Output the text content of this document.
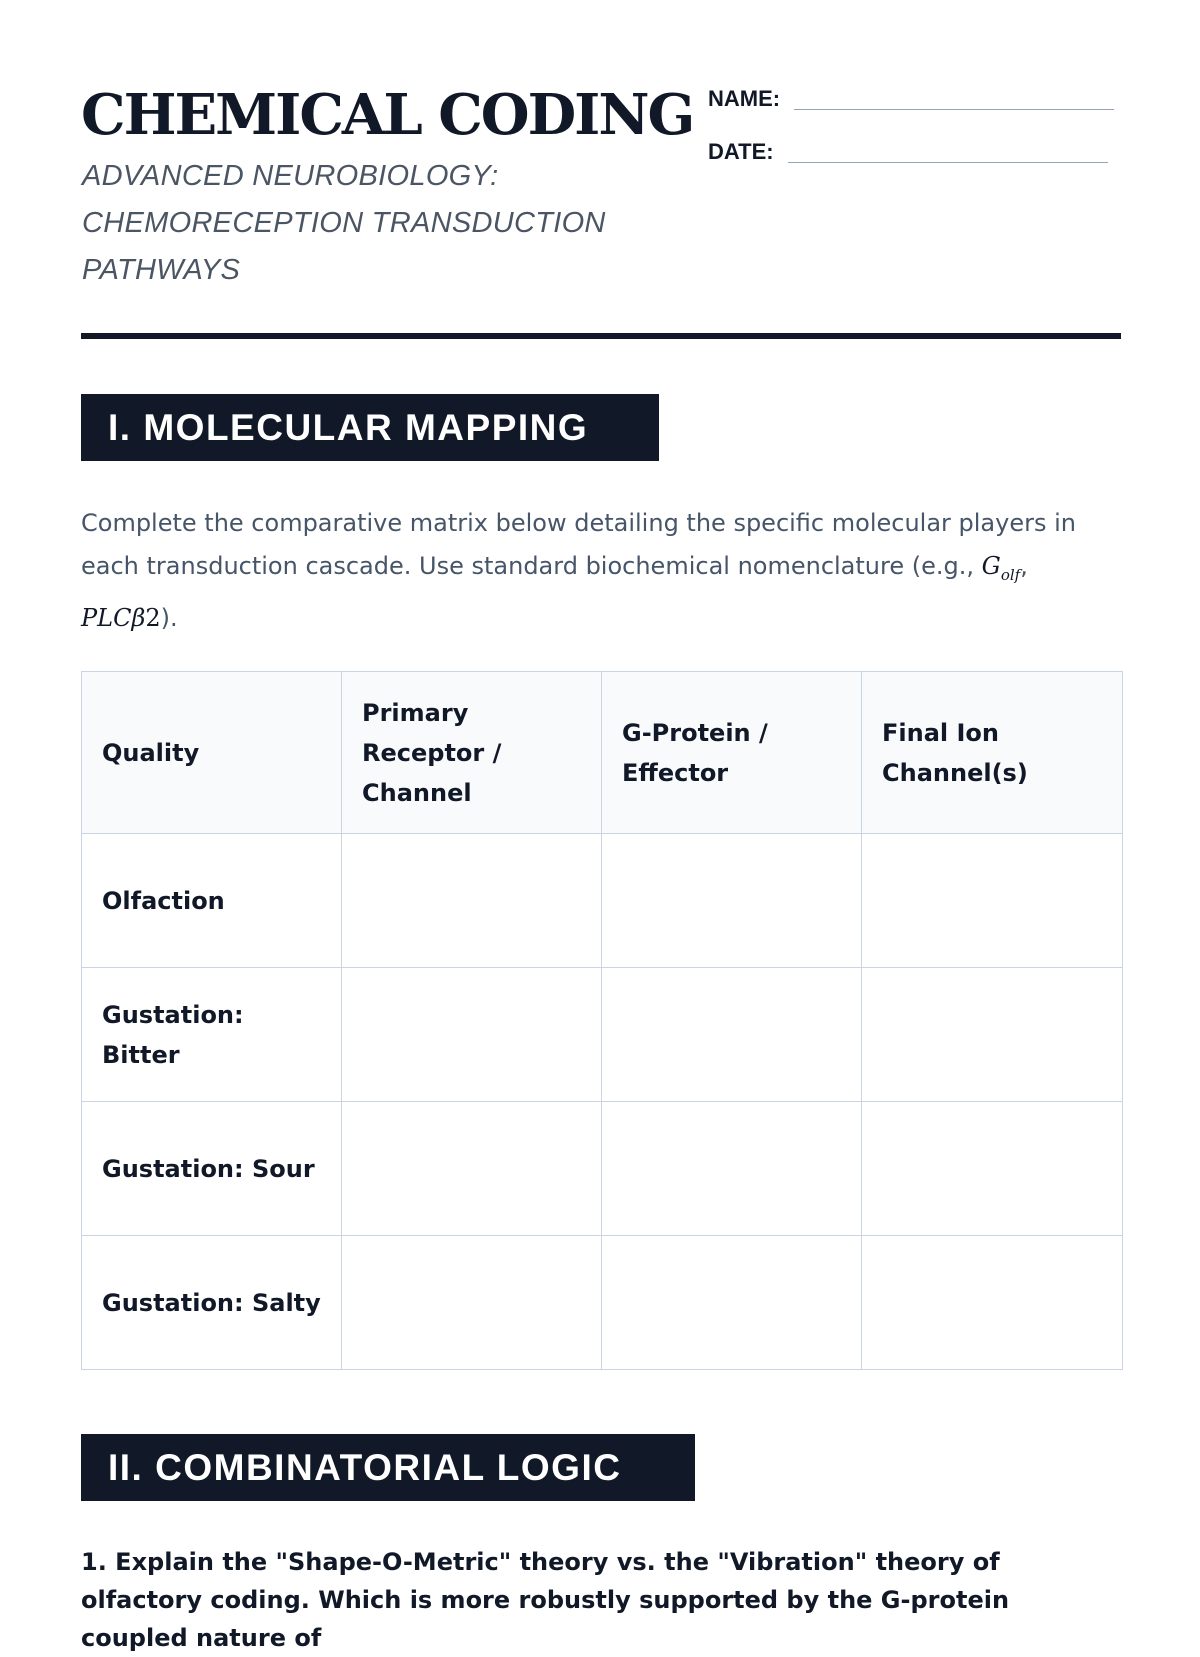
CHEMICAL CODING
ADVANCED NEUROBIOLOGY:
CHEMORECEPTION TRANSDUCTION
PATHWAYS
NAME:
DATE:
I. MOLECULAR MAPPING

Complete the comparative matrix below detailing the specific molecular players in each transduction cascade. Use standard biochemical nomenclature (e.g., $G_{olf}$, PLCβ2).

Quality	Primary Receptor / Channel	G-Protein / Effector	Final Ion Channel(s)
Olfaction			
Gustation: Bitter			
Gustation: Sour			
Gustation: Salty			
II. COMBINATORIAL LOGIC

1. Explain the "Shape-O-Metric" theory vs. the "Vibration" theory of olfactory coding. Which is more robustly supported by the G-protein coupled nature of
